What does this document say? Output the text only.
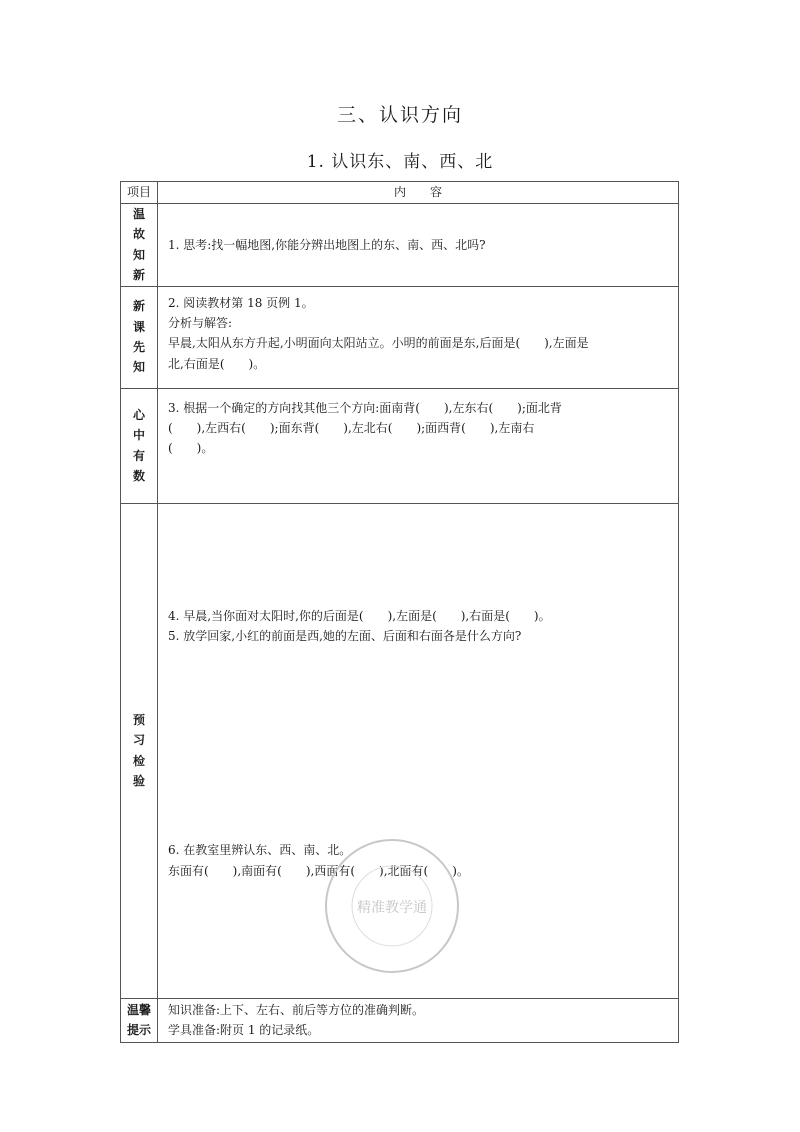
三、认识方向
1. 认识东、南、西、北
项目	内　　容

温
故
知
新	1. 思考:找一幅地图,你能分辨出地图上的东、南、西、北吗?

新
课
先
知	2. 阅读教材第 18 页例 1。
分析与解答:
早晨,太阳从东方升起,小明面向太阳站立。小明的前面是东,后面是(　　),左面是
北,右面是(　　)。

心
中
有
数	3. 根据一个确定的方向找其他三个方向:面南背(　　),左东右(　　);面北背
(　　),左西右(　　);面东背(　　),左北右(　　);面西背(　　),左南右
(　　)。

预
习
检
验	4. 早晨,当你面对太阳时,你的后面是(　　),左面是(　　),右面是(　　)。
5. 放学回家,小红的前面是西,她的左面、后面和右面各是什么方向?
6. 在教室里辨认东、西、南、北。
东面有(　　),南面有(　　),西面有(　　),北面有(　　)。

温馨
提示	知识准备:上下、左右、前后等方位的准确判断。
学具准备:附页 1 的记录纸。
精准教学通
